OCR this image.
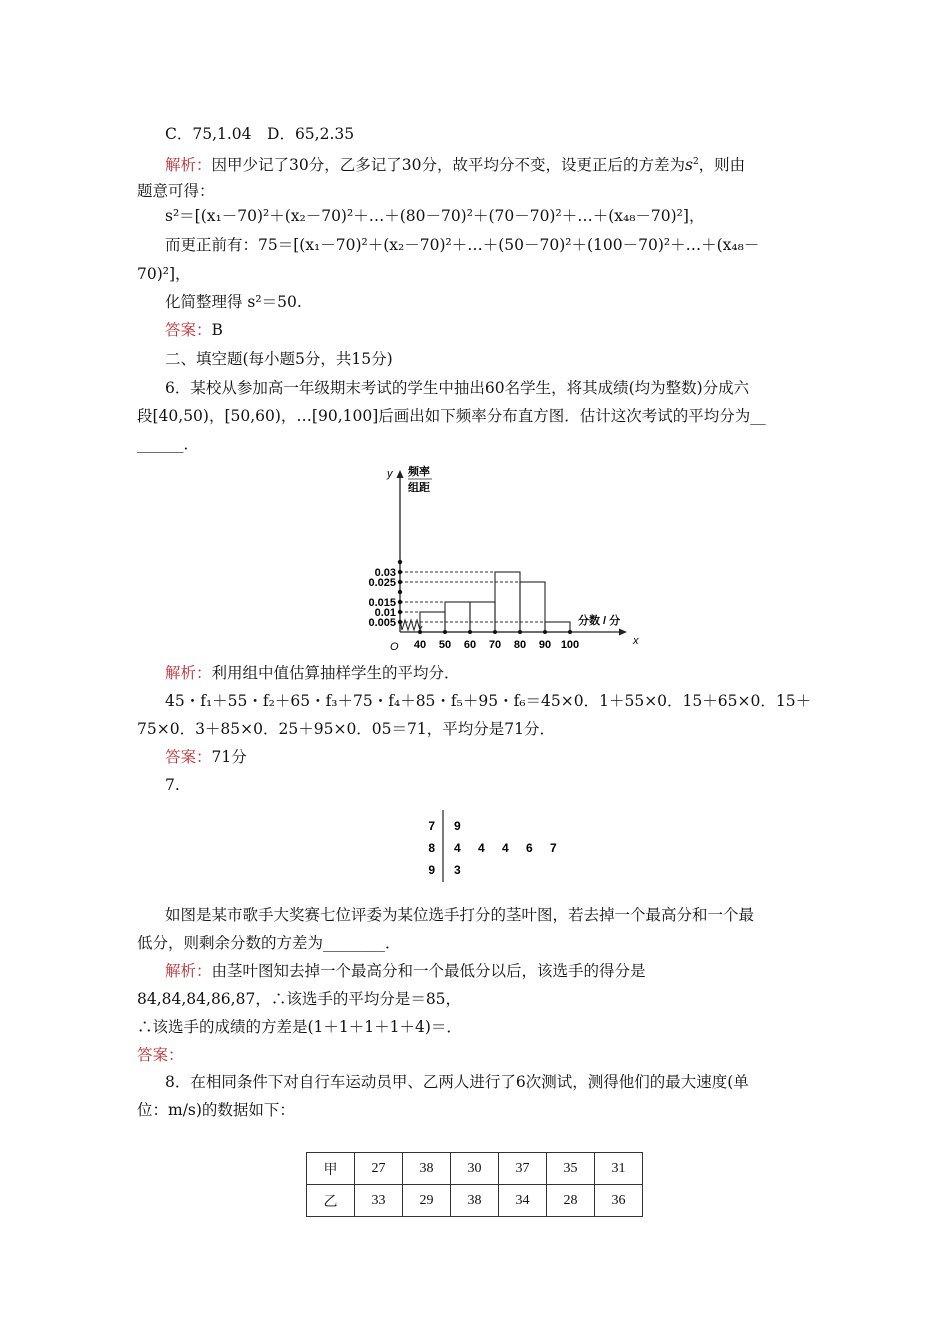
C．75,1.04　D．65,2.35
解析：因甲少记了30分，乙多记了30分，故平均分不变，设更正后的方差为$s^2$，则由
题意可得：
s²＝[(x₁－70)²＋(x₂－70)²＋…＋(80－70)²＋(70－70)²＋…＋(x₄₈－70)²]，
而更正前有：75＝[(x₁－70)²＋(x₂－70)²＋…＋(50－70)²＋(100－70)²＋…＋(x₄₈－
70)²]，
化简整理得 s²＝50.
答案：B
二、填空题(每小题5分，共15分)
6．某校从参加高一年级期末考试的学生中抽出60名学生，将其成绩(均为整数)分成六
段[40,50)，[50,60)，…[90,100]后画出如下频率分布直方图．估计这次考试的平均分为__
______．
y 频率
组距
O	x
分数 / 分
0.005
0.01
0.015
0.025
0.03
40 50 60 70 80 90 100
解析：利用组中值估算抽样学生的平均分．
45・f₁＋55・f₂＋65・f₃＋75・f₄＋85・f₅＋95・f₆＝45×0．1＋55×0．15＋65×0．15＋
75×0．3＋85×0．25＋95×0．05＝71，平均分是71分．
答案：71分
7.
7 9
8 4 4 4 6 7
9 3
如图是某市歌手大奖赛七位评委为某位选手打分的茎叶图，若去掉一个最高分和一个最
低分，则剩余分数的方差为________．
解析：由茎叶图知去掉一个最高分和一个最低分以后，该选手的得分是
84,84,84,86,87，∴该选手的平均分是＝85，
∴该选手的成绩的方差是(1＋1＋1＋1＋4)＝．
答案：
8．在相同条件下对自行车运动员甲、乙两人进行了6次测试，测得他们的最大速度(单
位：m/s)的数据如下：
甲	27	38	30	37	35	31
乙	33	29	38	34	28	36
